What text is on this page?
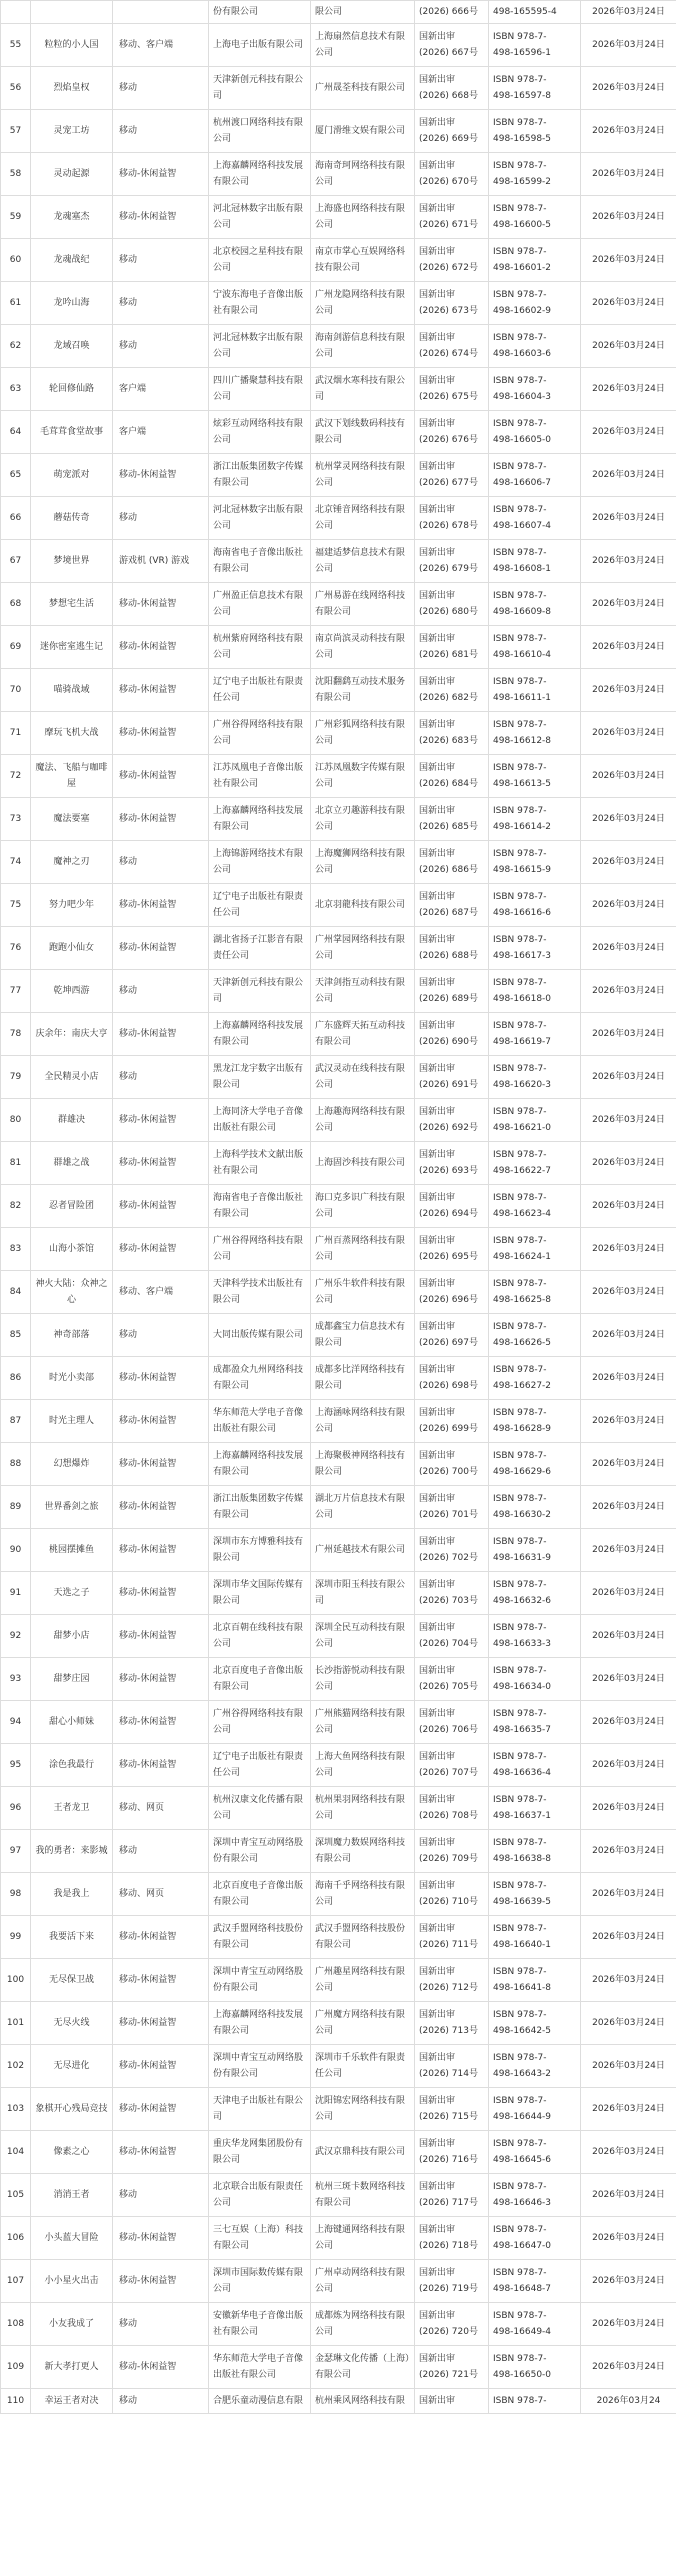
			份有限公司	限公司	(2026) 666号	498-165595-4	2026年03月24日
55	粒粒的小人国	移动、客户端	上海电子出版有限公司	上海扇然信息技术有限公司	国新出审
(2026) 667号	ISBN 978-7-
498-16596-1	2026年03月24日
56	烈焰皇权	移动	天津新创元科技有限公司	广州晟荃科技有限公司	国新出审
(2026) 668号	ISBN 978-7-
498-16597-8	2026年03月24日
57	灵宠工坊	移动	杭州渡口网络科技有限公司	厦门滑维文娱有限公司	国新出审
(2026) 669号	ISBN 978-7-
498-16598-5	2026年03月24日
58	灵动起源	移动-休闲益智	上海嘉麟网络科技发展有限公司	海南奇珂网络科技有限公司	国新出审
(2026) 670号	ISBN 978-7-
498-16599-2	2026年03月24日
59	龙魂塞杰	移动-休闲益智	河北冠林数字出版有限公司	上海盛也网络科技有限公司	国新出审
(2026) 671号	ISBN 978-7-
498-16600-5	2026年03月24日
60	龙魂战纪	移动	北京校园之星科技有限公司	南京市掌心互娱网络科技有限公司	国新出审
(2026) 672号	ISBN 978-7-
498-16601-2	2026年03月24日
61	龙吟山海	移动	宁波东海电子音像出版社有限公司	广州龙隐网络科技有限公司	国新出审
(2026) 673号	ISBN 978-7-
498-16602-9	2026年03月24日
62	龙域召唤	移动	河北冠林数字出版有限公司	海南剑游信息科技有限公司	国新出审
(2026) 674号	ISBN 978-7-
498-16603-6	2026年03月24日
63	轮回修仙路	客户端	四川广播聚慧科技有限公司	武汉烟水寒科技有限公司	国新出审
(2026) 675号	ISBN 978-7-
498-16604-3	2026年03月24日
64	毛茸茸食堂故事	客户端	炫彩互动网络科技有限公司	武汉下划线数码科技有限公司	国新出审
(2026) 676号	ISBN 978-7-
498-16605-0	2026年03月24日
65	萌宠派对	移动-休闲益智	浙江出版集团数字传媒有限公司	杭州掌灵网络科技有限公司	国新出审
(2026) 677号	ISBN 978-7-
498-16606-7	2026年03月24日
66	蘑菇传奇	移动	河北冠林数字出版有限公司	北京锤音网络科技有限公司	国新出审
(2026) 678号	ISBN 978-7-
498-16607-4	2026年03月24日
67	梦境世界	游戏机 (VR) 游戏	海南省电子音像出版社有限公司	福建适梦信息技术有限公司	国新出审
(2026) 679号	ISBN 978-7-
498-16608-1	2026年03月24日
68	梦想宅生活	移动-休闲益智	广州盈正信息技术有限公司	广州易游在线网络科技有限公司	国新出审
(2026) 680号	ISBN 978-7-
498-16609-8	2026年03月24日
69	迷你密室逃生记	移动-休闲益智	杭州紫府网络科技有限公司	南京尚滨灵动科技有限公司	国新出审
(2026) 681号	ISBN 978-7-
498-16610-4	2026年03月24日
70	喵骑战域	移动-休闲益智	辽宁电子出版社有限责任公司	沈阳翻鹞互动技术服务有限公司	国新出审
(2026) 682号	ISBN 978-7-
498-16611-1	2026年03月24日
71	摩玩飞机大战	移动-休闲益智	广州谷得网络科技有限公司	广州彩狐网络科技有限公司	国新出审
(2026) 683号	ISBN 978-7-
498-16612-8	2026年03月24日
72	魔法、飞船与咖啡屋	移动-休闲益智	江苏凤凰电子音像出版社有限公司	江苏凤凰数字传媒有限公司	国新出审
(2026) 684号	ISBN 978-7-
498-16613-5	2026年03月24日
73	魔法要塞	移动-休闲益智	上海嘉麟网络科技发展有限公司	北京立刃趣游科技有限公司	国新出审
(2026) 685号	ISBN 978-7-
498-16614-2	2026年03月24日
74	魔神之刃	移动	上海锦游网络技术有限公司	上海魔狮网络科技有限公司	国新出审
(2026) 686号	ISBN 978-7-
498-16615-9	2026年03月24日
75	努力吧少年	移动-休闲益智	辽宁电子出版社有限责任公司	北京羽龍科技有限公司	国新出审
(2026) 687号	ISBN 978-7-
498-16616-6	2026年03月24日
76	跑跑小仙女	移动-休闲益智	湖北省扬子江影音有限责任公司	广州掌园网络科技有限公司	国新出审
(2026) 688号	ISBN 978-7-
498-16617-3	2026年03月24日
77	乾坤西游	移动	天津新创元科技有限公司	天津剑指互动科技有限公司	国新出审
(2026) 689号	ISBN 978-7-
498-16618-0	2026年03月24日
78	庆余年：南庆大亨	移动-休闲益智	上海嘉麟网络科技发展有限公司	广东盛辉天拓互动科技有限公司	国新出审
(2026) 690号	ISBN 978-7-
498-16619-7	2026年03月24日
79	全民精灵小店	移动	黑龙江龙宇数字出版有限公司	武汉灵动在线科技有限公司	国新出审
(2026) 691号	ISBN 978-7-
498-16620-3	2026年03月24日
80	群雄决	移动-休闲益智	上海同济大学电子音像出版社有限公司	上海趣海网络科技有限公司	国新出审
(2026) 692号	ISBN 978-7-
498-16621-0	2026年03月24日
81	群雄之战	移动-休闲益智	上海科学技术文献出版社有限公司	上海固沙科技有限公司	国新出审
(2026) 693号	ISBN 978-7-
498-16622-7	2026年03月24日
82	忍者冒险团	移动-休闲益智	海南省电子音像出版社有限公司	海口克多识广科技有限公司	国新出审
(2026) 694号	ISBN 978-7-
498-16623-4	2026年03月24日
83	山海小茶馆	移动-休闲益智	广州谷得网络科技有限公司	广州百蒸网络科技有限公司	国新出审
(2026) 695号	ISBN 978-7-
498-16624-1	2026年03月24日
84	神火大陆：众神之心	移动、客户端	天津科学技术出版社有限公司	广州乐牛软件科技有限公司	国新出审
(2026) 696号	ISBN 978-7-
498-16625-8	2026年03月24日
85	神奇部落	移动	大同出版传媒有限公司	成都鑫宝力信息技术有限公司	国新出审
(2026) 697号	ISBN 978-7-
498-16626-5	2026年03月24日
86	时光小卖部	移动-休闲益智	成都盈众九州网络科技有限公司	成都多比洋网络科技有限公司	国新出审
(2026) 698号	ISBN 978-7-
498-16627-2	2026年03月24日
87	时光主理人	移动-休闲益智	华东师范大学电子音像出版社有限公司	上海涵咏网络科技有限公司	国新出审
(2026) 699号	ISBN 978-7-
498-16628-9	2026年03月24日
88	幻想爆炸	移动-休闲益智	上海嘉麟网络科技发展有限公司	上海聚极神网络科技有限公司	国新出审
(2026) 700号	ISBN 978-7-
498-16629-6	2026年03月24日
89	世界番剑之旅	移动-休闲益智	浙江出版集团数字传媒有限公司	湖北万片信息技术有限公司	国新出审
(2026) 701号	ISBN 978-7-
498-16630-2	2026年03月24日
90	桃园摆摊鱼	移动-休闲益智	深圳市东方博雅科技有限公司	广州延越技术有限公司	国新出审
(2026) 702号	ISBN 978-7-
498-16631-9	2026年03月24日
91	天选之子	移动-休闲益智	深圳市华文国际传媒有限公司	深圳市阳玉科技有限公司	国新出审
(2026) 703号	ISBN 978-7-
498-16632-6	2026年03月24日
92	甜梦小店	移动-休闲益智	北京百朝在线科技有限公司	深圳全民互动科技有限公司	国新出审
(2026) 704号	ISBN 978-7-
498-16633-3	2026年03月24日
93	甜梦庄园	移动-休闲益智	北京百度电子音像出版有限公司	长沙指游悦动科技有限公司	国新出审
(2026) 705号	ISBN 978-7-
498-16634-0	2026年03月24日
94	甜心小师妹	移动-休闲益智	广州谷得网络科技有限公司	广州熊猫网络科技有限公司	国新出审
(2026) 706号	ISBN 978-7-
498-16635-7	2026年03月24日
95	涂色我最行	移动-休闲益智	辽宁电子出版社有限责任公司	上海大鱼网络科技有限公司	国新出审
(2026) 707号	ISBN 978-7-
498-16636-4	2026年03月24日
96	王者龙卫	移动、网页	杭州汉康文化传播有限公司	杭州果羽网络科技有限公司	国新出审
(2026) 708号	ISBN 978-7-
498-16637-1	2026年03月24日
97	我的勇者：来影城	移动	深圳中青宝互动网络股份有限公司	深圳魔力数娱网络科技有限公司	国新出审
(2026) 709号	ISBN 978-7-
498-16638-8	2026年03月24日
98	我是我上	移动、网页	北京百度电子音像出版有限公司	海南千乎网络科技有限公司	国新出审
(2026) 710号	ISBN 978-7-
498-16639-5	2026年03月24日
99	我要活下来	移动-休闲益智	武汉手盟网络科技股份有限公司	武汉手盟网络科技股份有限公司	国新出审
(2026) 711号	ISBN 978-7-
498-16640-1	2026年03月24日
100	无尽保卫战	移动-休闲益智	深圳中青宝互动网络股份有限公司	广州趣星网络科技有限公司	国新出审
(2026) 712号	ISBN 978-7-
498-16641-8	2026年03月24日
101	无尽火线	移动-休闲益智	上海嘉麟网络科技发展有限公司	广州魔方网络科技有限公司	国新出审
(2026) 713号	ISBN 978-7-
498-16642-5	2026年03月24日
102	无尽进化	移动-休闲益智	深圳中青宝互动网络股份有限公司	深圳市千乐软件有限责任公司	国新出审
(2026) 714号	ISBN 978-7-
498-16643-2	2026年03月24日
103	象棋开心残局竞技	移动-休闲益智	天津电子出版社有限公司	沈阳锦宏网络科技有限公司	国新出审
(2026) 715号	ISBN 978-7-
498-16644-9	2026年03月24日
104	像素之心	移动-休闲益智	重庆华龙网集团股份有限公司	武汉京鼎科技有限公司	国新出审
(2026) 716号	ISBN 978-7-
498-16645-6	2026年03月24日
105	消消王者	移动	北京联合出版有限责任公司	杭州三斑卡数网络科技有限公司	国新出审
(2026) 717号	ISBN 978-7-
498-16646-3	2026年03月24日
106	小头蓝大冒险	移动-休闲益智	三七互娱（上海）科技有限公司	上海键通网络科技有限公司	国新出审
(2026) 718号	ISBN 978-7-
498-16647-0	2026年03月24日
107	小小星火出击	移动-休闲益智	深圳市国际数传媒有限公司	广州卓动网络科技有限公司	国新出审
(2026) 719号	ISBN 978-7-
498-16648-7	2026年03月24日
108	小友我成了	移动	安徽新华电子音像出版社有限公司	成都炼为网络科技有限公司	国新出审
(2026) 720号	ISBN 978-7-
498-16649-4	2026年03月24日
109	新大孝打更人	移动-休闲益智	华东师范大学电子音像出版社有限公司	金瑟琳文化传播（上海）有限公司	国新出审
(2026) 721号	ISBN 978-7-
498-16650-0	2026年03月24日
110	幸运王者对决	移动	合肥乐童动漫信息有限	杭州乘风网络科技有限	国新出审	ISBN 978-7-	2026年03月24
